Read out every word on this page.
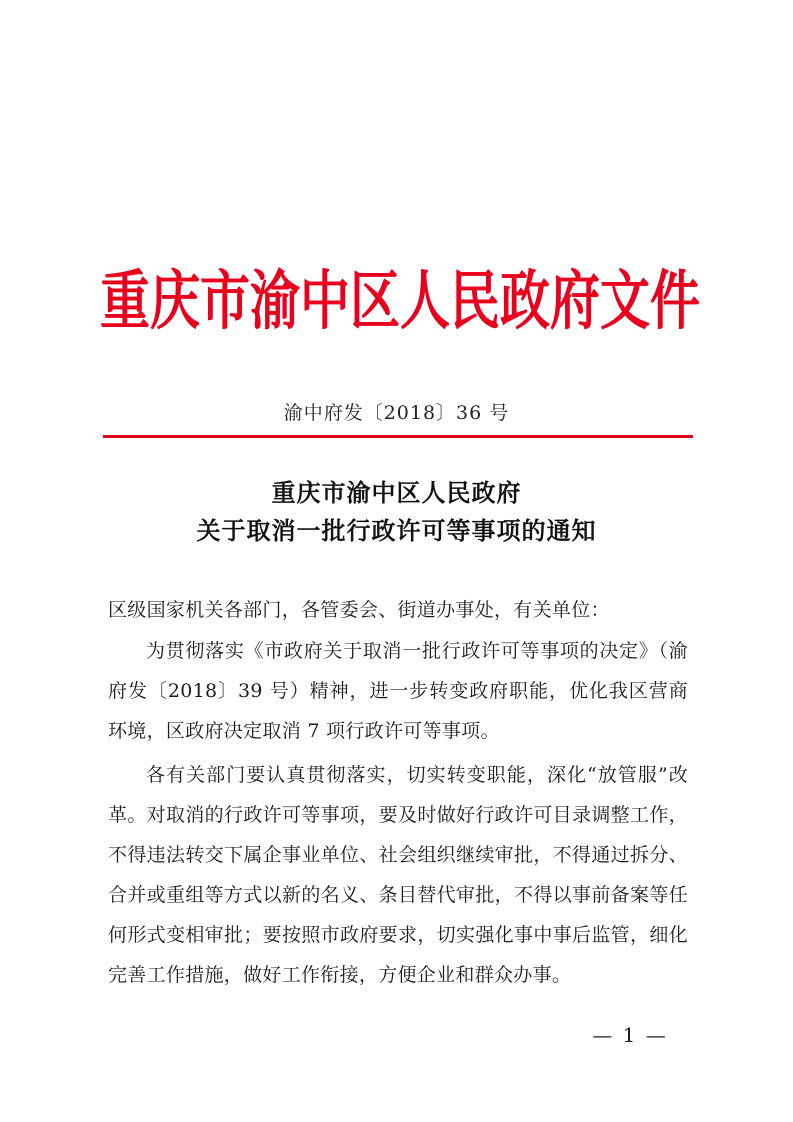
重庆市渝中区人民政府文件
渝中府发〔2018〕36 号
重庆市渝中区人民政府
关于取消一批行政许可等事项的通知
区级国家机关各部门，各管委会、街道办事处，有关单位：
为贯彻落实《市政府关于取消一批行政许可等事项的决定》（渝府发〔2018〕39 号）精神，进一步转变政府职能，优化我区营商环境，区政府决定取消 7 项行政许可等事项。
各有关部门要认真贯彻落实，切实转变职能，深化“放管服”改革。对取消的行政许可等事项，要及时做好行政许可目录调整工作，不得违法转交下属企事业单位、社会组织继续审批，不得通过拆分、合并或重组等方式以新的名义、条目替代审批，不得以事前备案等任何形式变相审批；要按照市政府要求，切实强化事中事后监管，细化完善工作措施，做好工作衔接，方便企业和群众办事。
— 1 —
